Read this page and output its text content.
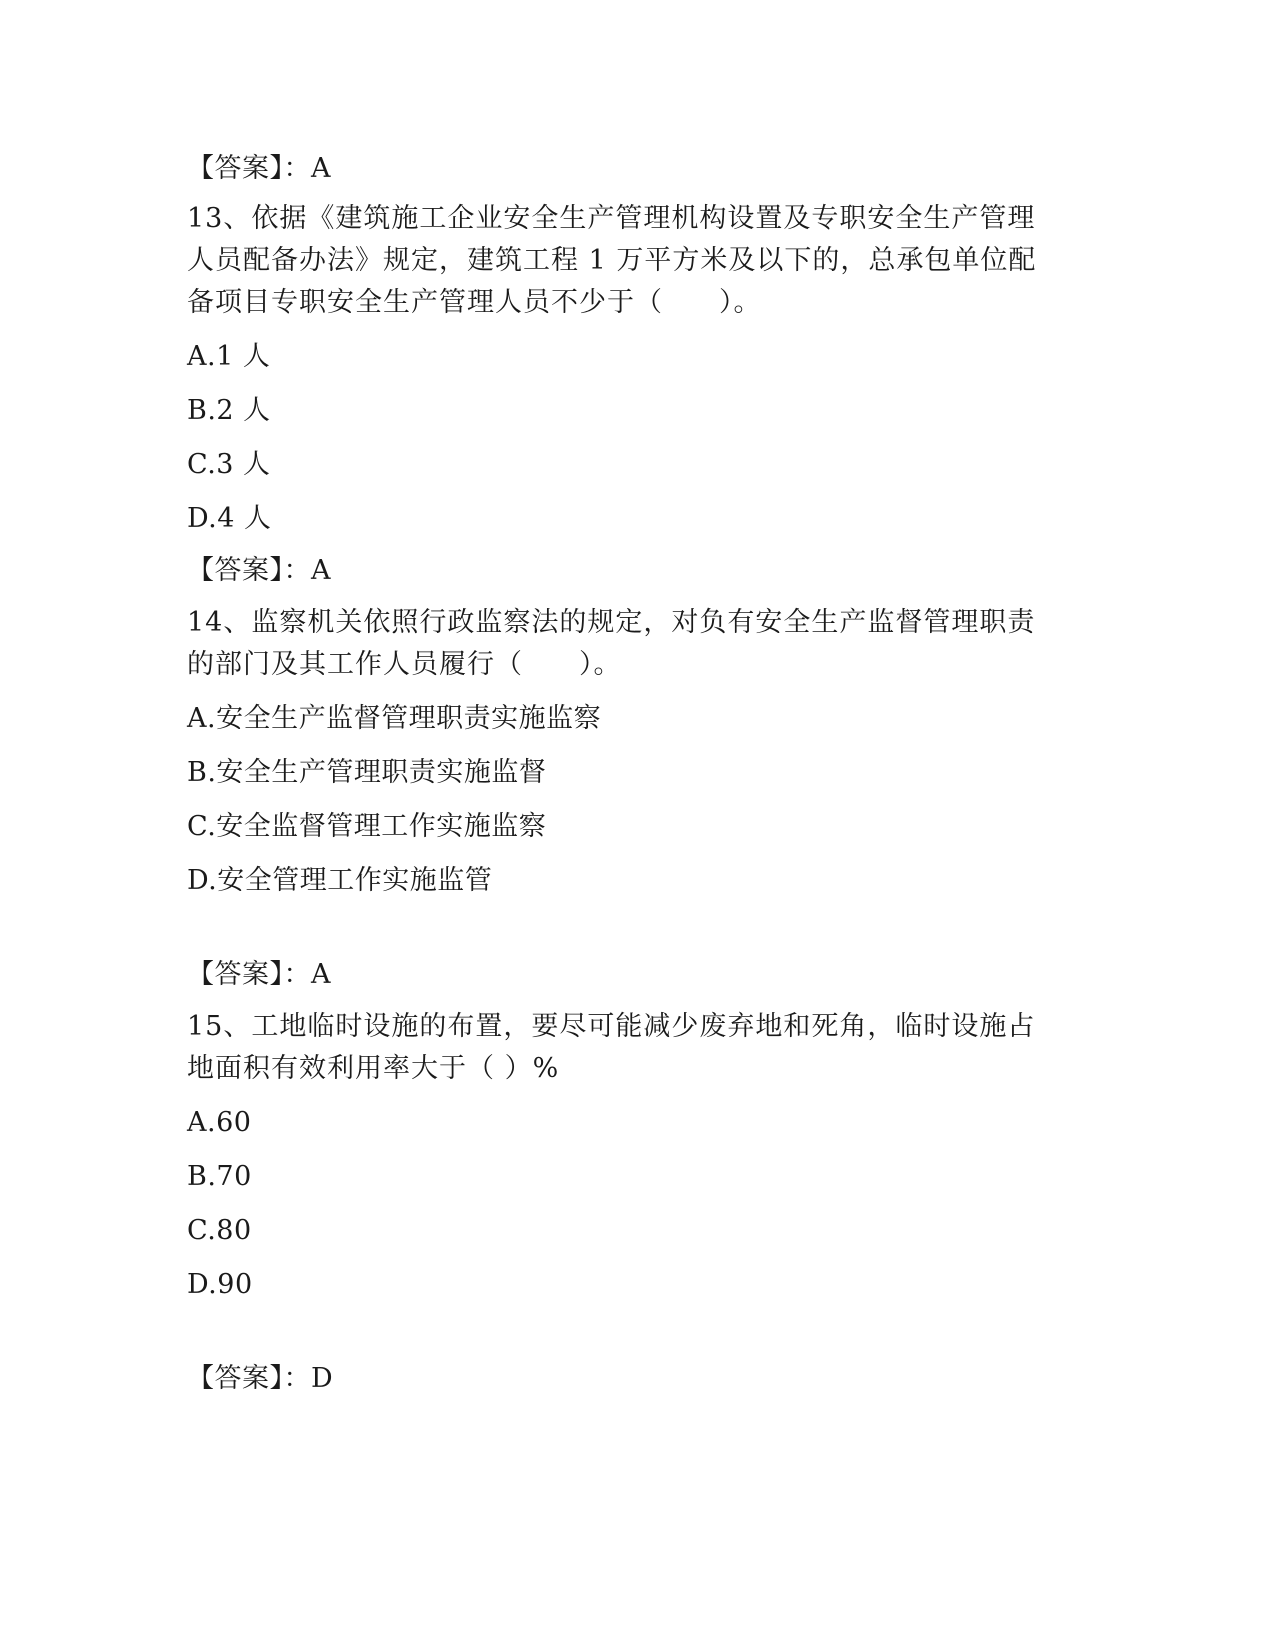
【答案】：A
13、依据《建筑施工企业安全生产管理机构设置及专职安全生产管理
人员配备办法》规定，建筑工程 1 万平方米及以下的，总承包单位配
备项目专职安全生产管理人员不少于（　　）。
A.1 人
B.2 人
C.3 人
D.4 人
【答案】：A
14、监察机关依照行政监察法的规定，对负有安全生产监督管理职责
的部门及其工作人员履行（　　）。
A.安全生产监督管理职责实施监察
B.安全生产管理职责实施监督
C.安全监督管理工作实施监察
D.安全管理工作实施监管
【答案】：A
15、工地临时设施的布置，要尽可能减少废弃地和死角，临时设施占
地面积有效利用率大于（ ）%
A.60
B.70
C.80
D.90
【答案】：D
